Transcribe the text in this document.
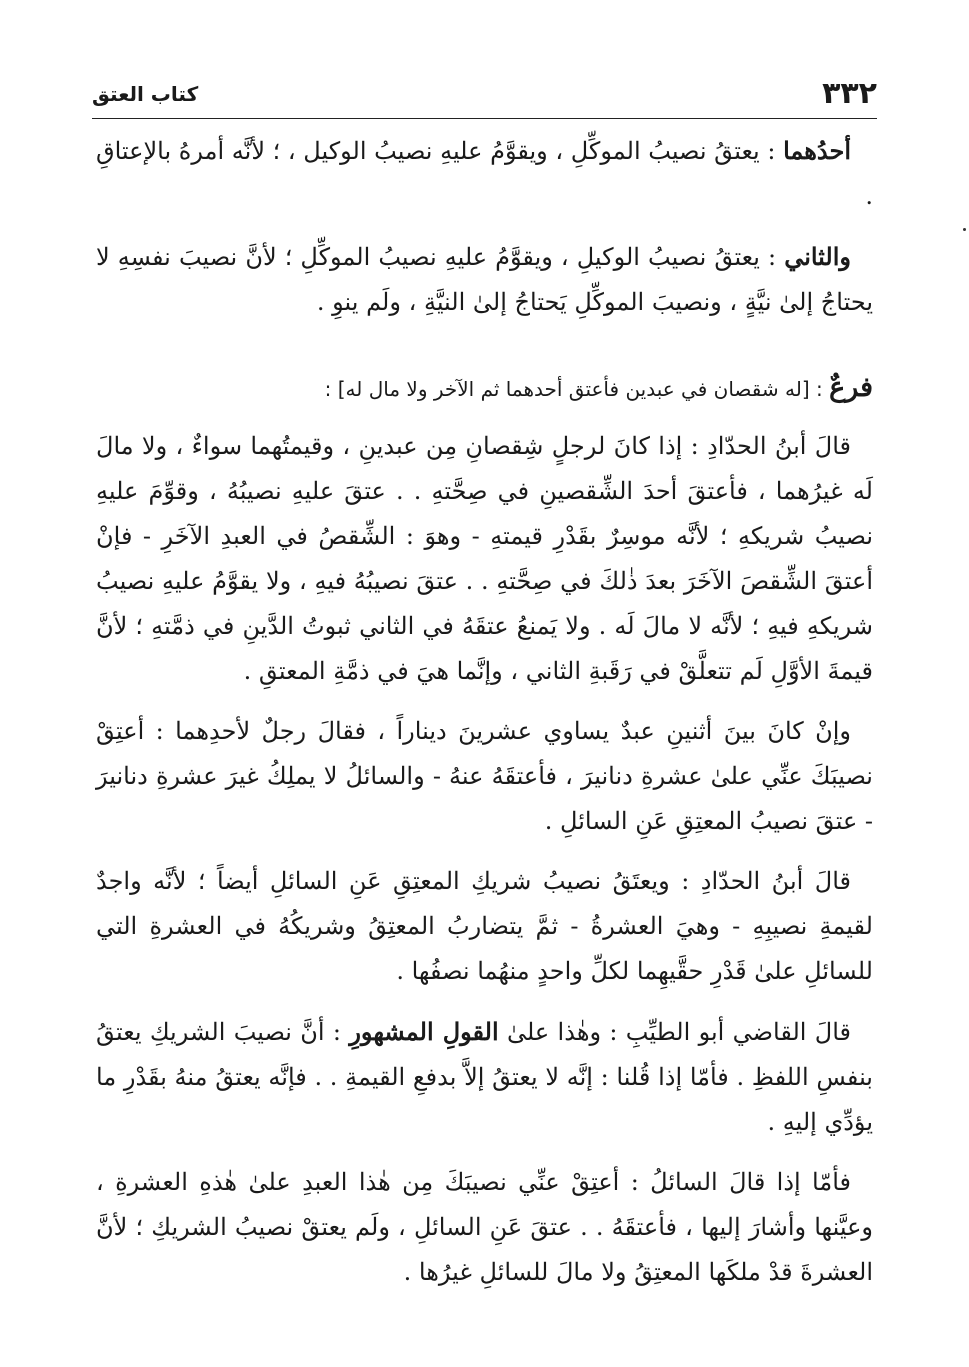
٣٣٢
كتاب العتق

أحدُهما : يعتقُ نصيبُ الموكِّلِ ، ويقوَّمُ عليهِ نصيبُ الوكيل ، ؛ لأنَّه أمرهُ بالإعتاقِ .

والثاني : يعتقُ نصيبُ الوكيلِ ، ويقوَّمُ عليهِ نصيبُ الموكِّلِ ؛ لأنَّ نصيبَ نفسِهِ لا يحتاجُ إلىٰ نيَّةٍ ، ونصيبَ الموكِّلِ يَحتاجُ إلىٰ النيَّةِ ، ولَم ينوِ .

فرعٌ : [له شقصان في عبدين فأعتق أحدهما ثم الآخر ولا مال له] :

قالَ أبنُ الحدّادِ : إذا كانَ لرجلٍ شِقصانِ مِن عبدينِ ، وقيمتُهما سواءٌ ، ولا مالَ لَه غيرُهما ، فأعتقَ أحدَ الشِّقصينِ في صِحَّتهِ . . عتقَ عليهِ نصيبُهُ ، وقوِّمَ عليهِ نصيبُ شريكهِ ؛ لأنَّه موسِرٌ بقَدْرِ قيمتهِ - وهوَ : الشِّقصُ في العبدِ الآخَرِ - فإنْ أعتقَ الشِّقصَ الآخَرَ بعدَ ذٰلكَ في صِحَّتهِ . . عتقَ نصيبُهُ فيهِ ، ولا يقوَّمُ عليهِ نصيبُ شريكهِ فيهِ ؛ لأنَّه لا مالَ لَه . ولا يَمنعُ عتقَهُ في الثاني ثبوتُ الدَّينِ في ذمَّتهِ ؛ لأنَّ قيمةَ الأوَّلِ لَم تتعلَّقْ في رَقَبةِ الثاني ، وإنَّما هيَ في ذمَّةِ المعتقِ .

وإنْ كانَ بينَ أثنينِ عبدٌ يساوي عشرينَ ديناراً ، فقالَ رجلٌ لأحدِهما : أعتِقْ نصيبَكَ عنِّي علىٰ عشرةِ دنانيرَ ، فأعتقَهُ عنهُ - والسائلُ لا يملِكُ غيرَ عشرةِ دنانيرَ - عتقَ نصيبُ المعتِقِ عَنِ السائلِ .

قالَ أبنُ الحدّادِ : ويعتَقُ نصيبُ شريكِ المعتِقِ عَنِ السائلِ أيضاً ؛ لأنَّه واجدٌ لقيمةِ نصيبِهِ - وهيَ العشرةُ - ثمَّ يتضاربُ المعتِقُ وشريكُهُ في العشرةِ التي للسائلِ علىٰ قَدْرِ حقَّيهِما لكلِّ واحدٍ منهُما نصفُها .

قالَ القاضي أبو الطيِّبِ : وهٰذا علىٰ القولِ المشهورِ : أنَّ نصيبَ الشريكِ يعتقُ بنفسِ اللفظِ . فأمّا إذا قُلنا : إنَّه لا يعتقُ إلاَّ بدفعِ القيمةِ . . فإنَّه يعتقُ منهُ بقَدْرِ ما يؤدِّي إليهِ .

فأمّا إذا قالَ السائلُ : أعتِقْ عنِّي نصيبَكَ مِن هٰذا العبدِ علىٰ هٰذهِ العشرةِ ، وعيَّنها وأشارَ إليها ، فأعتقَهُ . . عتقَ عَنِ السائلِ ، ولَم يعتقْ نصيبُ الشريكِ ؛ لأنَّ العشرةَ قدْ ملكَها المعتِقُ ولا مالَ للسائلِ غيرُها .
